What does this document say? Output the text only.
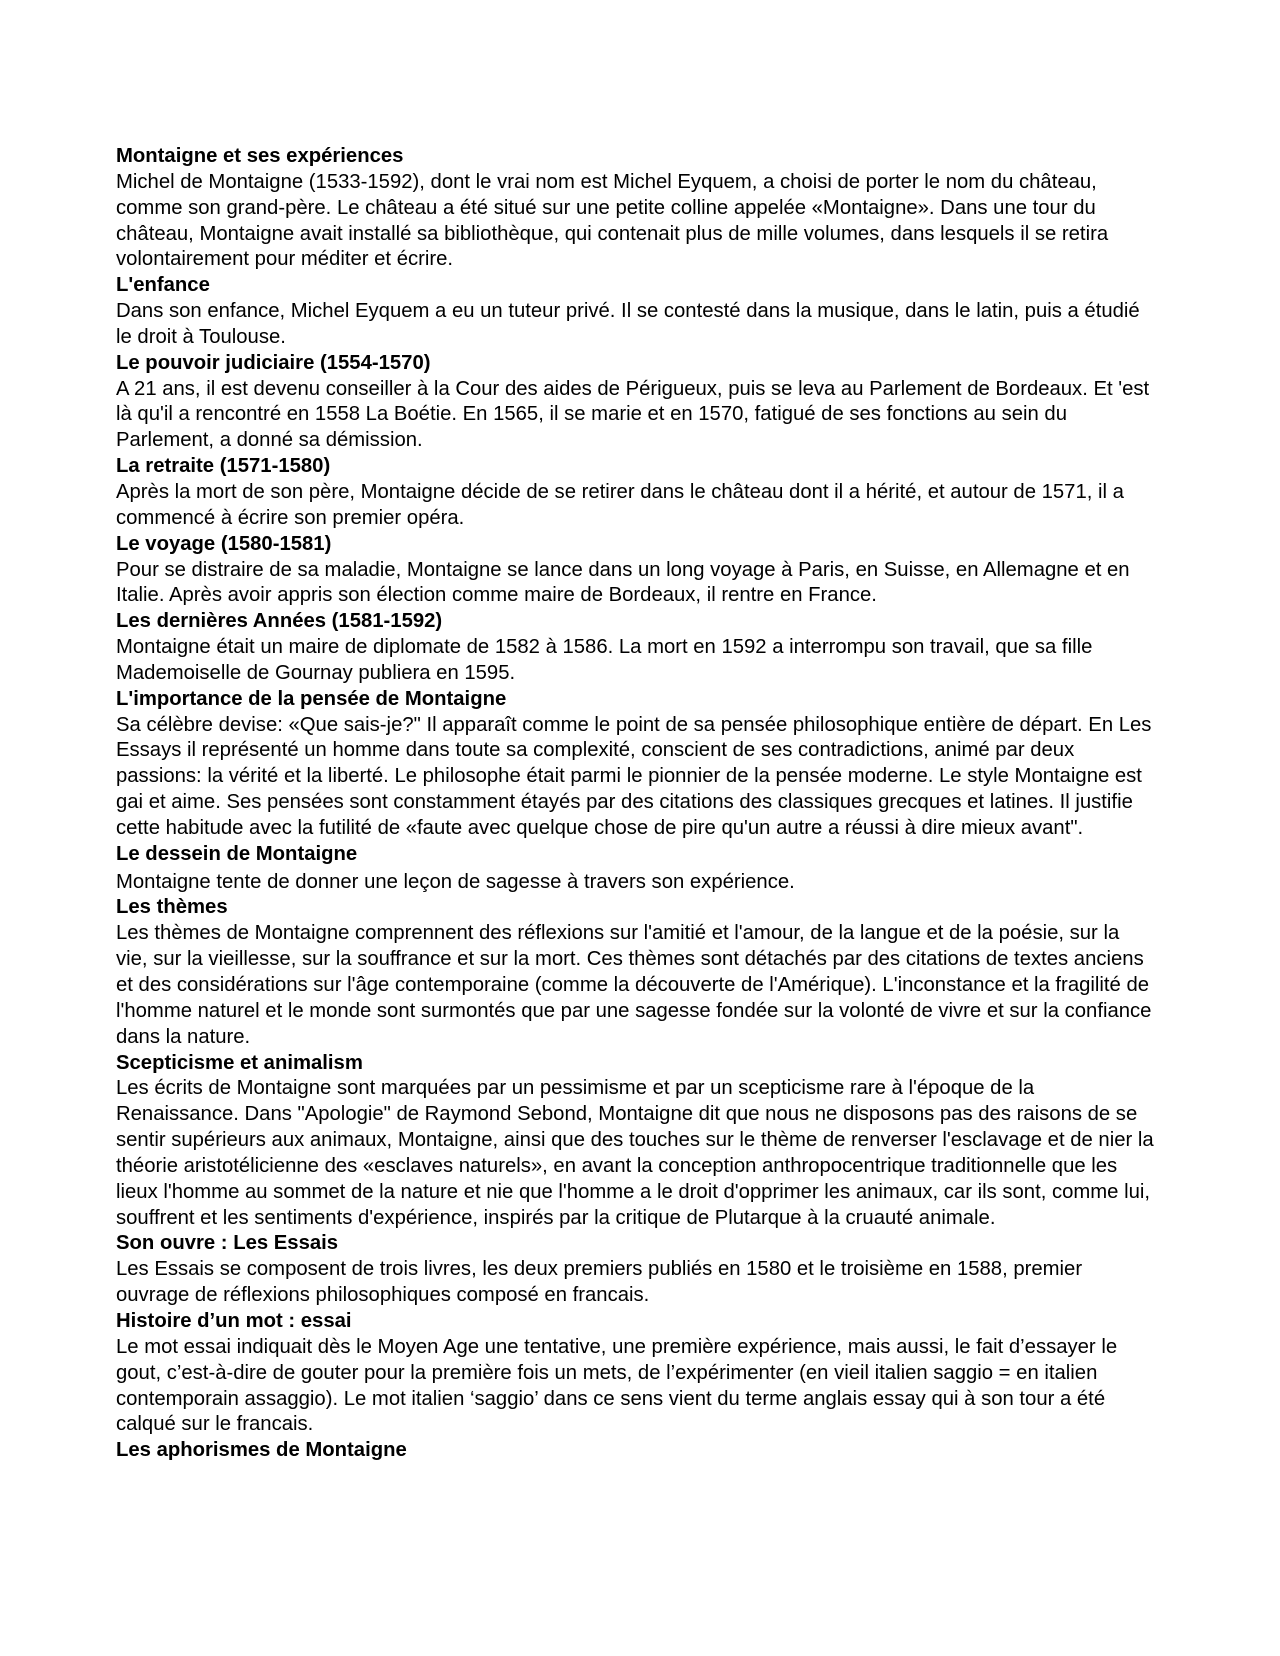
Montaigne et ses expériences
Michel de Montaigne (1533-1592), dont le vrai nom est Michel Eyquem, a choisi de porter le nom du château, comme son grand-père. Le château a été situé sur une petite colline appelée «Montaigne». Dans une tour du château, Montaigne avait installé sa bibliothèque, qui contenait plus de mille volumes, dans lesquels il se retira volontairement pour méditer et écrire.
L'enfance
Dans son enfance, Michel Eyquem a eu un tuteur privé. Il se contesté dans la musique, dans le latin, puis a étudié le droit à Toulouse.
Le pouvoir judiciaire (1554-1570)
A 21 ans, il est devenu conseiller à la Cour des aides de Périgueux, puis se leva au Parlement de Bordeaux. Et 'est là qu'il a rencontré en 1558 La Boétie. En 1565, il se marie et en 1570, fatigué de ses fonctions au sein du Parlement, a donné sa démission.
La retraite (1571-1580)
Après la mort de son père, Montaigne décide de se retirer dans le château dont il a hérité, et autour de 1571, il a commencé à écrire son premier opéra.
Le voyage (1580-1581)
Pour se distraire de sa maladie, Montaigne se lance dans un long voyage à Paris, en Suisse, en Allemagne et en Italie. Après avoir appris son élection comme maire de Bordeaux, il rentre en France.
Les dernières Années (1581-1592)
Montaigne était un maire de diplomate de 1582 à 1586. La mort en 1592 a interrompu son travail, que sa fille Mademoiselle de Gournay publiera en 1595.
L'importance de la pensée de Montaigne
Sa célèbre devise: «Que sais-je?" Il apparaît comme le point de sa pensée philosophique entière de départ. En Les Essays il représenté un homme dans toute sa complexité, conscient de ses contradictions, animé par deux passions: la vérité et la liberté. Le philosophe était parmi le pionnier de la pensée moderne. Le style Montaigne est gai et aime. Ses pensées sont constamment étayés par des citations des classiques grecques et latines. Il justifie cette habitude avec la futilité de «faute avec quelque chose de pire qu'un autre a réussi à dire mieux avant".
Le dessein de Montaigne
Montaigne tente de donner une leçon de sagesse à travers son expérience.
Les thèmes
Les thèmes de Montaigne comprennent des réflexions sur l'amitié et l'amour, de la langue et de la poésie, sur la vie, sur la vieillesse, sur la souffrance et sur la mort. Ces thèmes sont détachés par des citations de textes anciens et des considérations sur l'âge contemporaine (comme la découverte de l'Amérique). L'inconstance et la fragilité de l'homme naturel et le monde sont surmontés que par une sagesse fondée sur la volonté de vivre et sur la confiance dans la nature.
Scepticisme et animalism
Les écrits de Montaigne sont marquées par un pessimisme et par un scepticisme rare à l'époque de la Renaissance. Dans "Apologie" de Raymond Sebond, Montaigne dit que nous ne disposons pas des raisons de se sentir supérieurs aux animaux, Montaigne, ainsi que des touches sur le thème de renverser l'esclavage et de nier la théorie aristotélicienne des «esclaves naturels», en avant la conception anthropocentrique traditionnelle que les lieux l'homme au sommet de la nature et nie que l'homme a le droit d'opprimer les animaux, car ils sont, comme lui, souffrent et les sentiments d'expérience, inspirés par la critique de Plutarque à la cruauté animale.
Son ouvre : Les Essais
Les Essais se composent de trois livres, les deux premiers publiés en 1580 et le troisième en 1588, premier ouvrage de réflexions philosophiques composé en francais.
Histoire d’un mot : essai
Le mot essai indiquait dès le Moyen Age une tentative, une première expérience, mais aussi, le fait d’essayer le gout, c’est-à-dire de gouter pour la première fois un mets, de l’expérimenter (en vieil italien saggio = en italien contemporain assaggio). Le mot italien ‘saggio’ dans ce sens vient du terme anglais essay qui à son tour a été calqué sur le francais.
Les aphorismes de Montaigne
